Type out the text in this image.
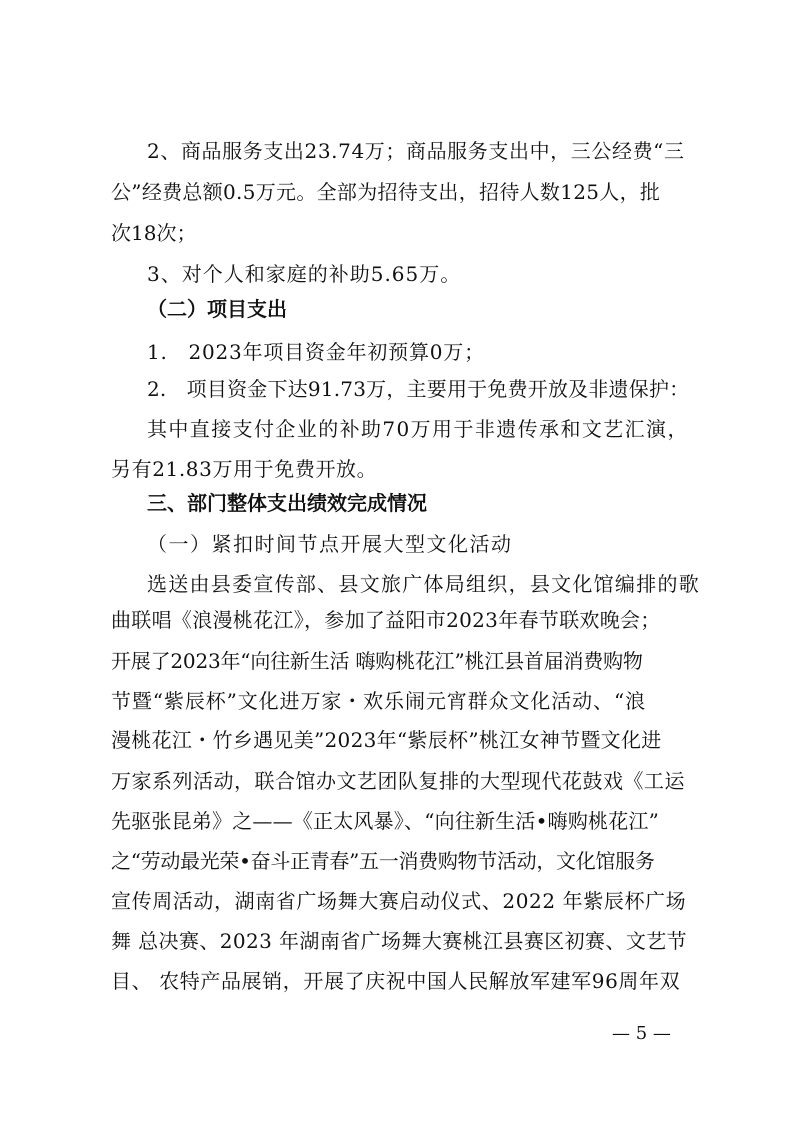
2、商品服务支出23.74万；商品服务支出中，三公经费“三

公”经费总额0.5万元。全部为招待支出，招待人数125人，批

次18次；

3、对个人和家庭的补助5.65万。

（二）项目支出

1.　2023年项目资金年初预算0万；

2.　项目资金下达91.73万，主要用于免费开放及非遗保护：

其中直接支付企业的补助70万用于非遗传承和文艺汇演，

另有21.83万用于免费开放。

三、部门整体支出绩效完成情况

（一）紧扣时间节点开展大型文化活动

选送由县委宣传部、县文旅广体局组织，县文化馆编排的歌

曲联唱《浪漫桃花江》，参加了益阳市2023年春节联欢晚会；

开展了2023年“向往新生活 嗨购桃花江”桃江县首届消费购物

节暨“紫辰杯”文化进万家・欢乐闹元宵群众文化活动、“浪

漫桃花江・竹乡遇见美”2023年“紫辰杯”桃江女神节暨文化进

万家系列活动，联合馆办文艺团队复排的大型现代花鼓戏《工运

先驱张昆弟》之——《正太风暴》、“向往新生活•嗨购桃花江”

之“劳动最光荣•奋斗正青春”五一消费购物节活动，文化馆服务

宣传周活动，湖南省广场舞大赛启动仪式、2022 年紫辰杯广场

舞 总决赛、2023 年湖南省广场舞大赛桃江县赛区初赛、文艺节

目、 农特产品展销，开展了庆祝中国人民解放军建军96周年双

— 5 —
